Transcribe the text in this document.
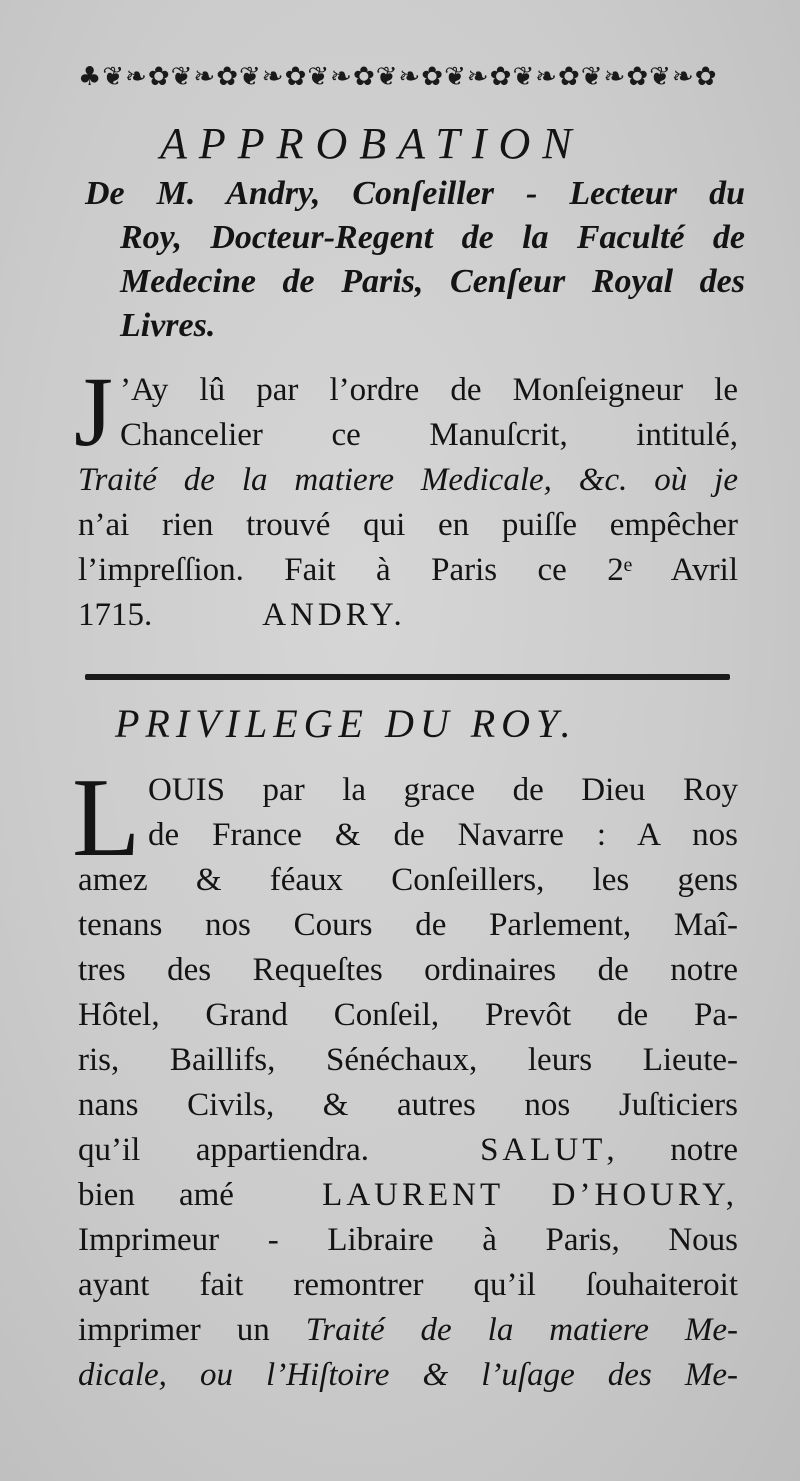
♣❦❧✿❦❧✿❦❧✿❦❧✿❦❧✿❦❧✿❦❧✿❦❧✿❦❧✿
APPROBATION
De M. Andry, Conſeiller - Lecteur du
Roy, Docteur-Regent de la Faculté de
Medecine de Paris, Cenſeur Royal des
Livres.
J ’Ay lû par l’ordre de Monſeigneur le
Chancelier ce Manuſcrit, intitulé,
Traité de la matiere Medicale, &c. où je
n’ai rien trouvé qui en puiſſe empêcher
l’impreſſion. Fait à Paris ce 2ᵉ Avril
1715.	ANDRY.
PRIVILEGE DU ROY.
L OUIS par la grace de Dieu Roy
de France & de Navarre : A nos
amez & féaux Conſeillers, les gens
tenans nos Cours de Parlement, Maî-
tres des Requeſtes ordinaires de notre
Hôtel, Grand Conſeil, Prevôt de Pa-
ris, Baillifs, Sénéchaux, leurs Lieute-
nans Civils, & autres nos Juſticiers
qu’il appartiendra.	SALUT, notre
bien amé	LAURENT D’HOURY,
Imprimeur - Libraire à Paris, Nous
ayant fait remontrer qu’il ſouhaiteroit
imprimer un Traité de la matiere Me-
dicale, ou l’Hiſtoire & l’uſage des Me-
